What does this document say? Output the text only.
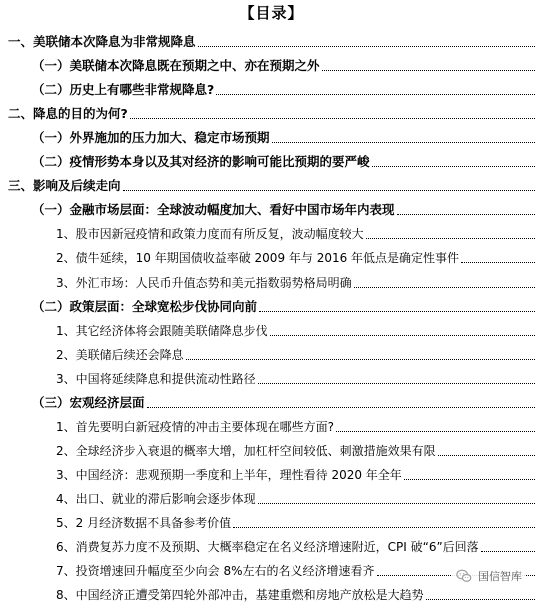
【目录】
一、美联储本次降息为非常规降息
（一）美联储本次降息既在预期之中、亦在预期之外
（二）历史上有哪些非常规降息?
二、降息的目的为何?
（一）外界施加的压力加大、稳定市场预期
（二）疫情形势本身以及其对经济的影响可能比预期的要严峻
三、影响及后续走向
（一）金融市场层面：全球波动幅度加大、看好中国市场年内表现
1、股市因新冠疫情和政策力度而有所反复，波动幅度较大
2、债牛延续，10 年期国债收益率破 2009 年与 2016 年低点是确定性事件
3、外汇市场：人民币升值态势和美元指数弱势格局明确
（二）政策层面：全球宽松步伐协同向前
1、其它经济体将会跟随美联储降息步伐
2、美联储后续还会降息
3、中国将延续降息和提供流动性路径
（三）宏观经济层面
1、首先要明白新冠疫情的冲击主要体现在哪些方面?
2、全球经济步入衰退的概率大增，加杠杆空间较低、刺激措施效果有限
3、中国经济：悲观预期一季度和上半年，理性看待 2020 年全年
4、出口、就业的滞后影响会逐步体现
5、2 月经济数据不具备参考价值
6、消费复苏力度不及预期、大概率稳定在名义经济增速附近，CPI 破“6”后回落
7、投资增速回升幅度至少向会 8%左右的名义经济增速看齐
8、中国经济正遭受第四轮外部冲击，基建重燃和房地产放松是大趋势
国信智库
